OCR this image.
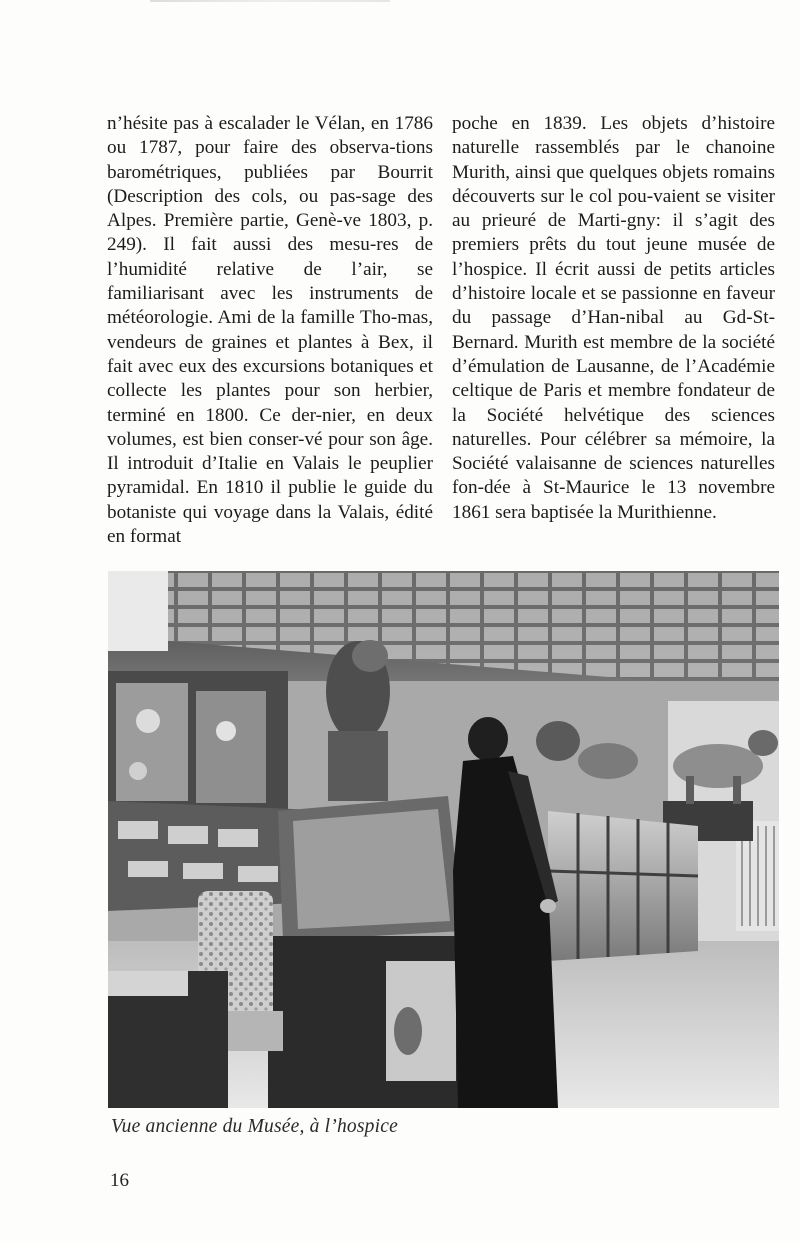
n’hésite pas à escalader le Vélan, en 1786 ou 1787, pour faire des observa-tions barométriques, publiées par Bourrit (Description des cols, ou pas-sage des Alpes. Première partie, Genè-ve 1803, p. 249). Il fait aussi des mesu-res de l’humidité relative de l’air, se familiarisant avec les instruments de météorologie. Ami de la famille Tho-mas, vendeurs de graines et plantes à Bex, il fait avec eux des excursions botaniques et collecte les plantes pour son herbier, terminé en 1800. Ce der-nier, en deux volumes, est bien conser-vé pour son âge. Il introduit d’Italie en Valais le peuplier pyramidal. En 1810 il publie le guide du botaniste qui voyage dans la Valais, édité en format

poche en 1839. Les objets d’histoire naturelle rassemblés par le chanoine Murith, ainsi que quelques objets romains découverts sur le col pou-vaient se visiter au prieuré de Marti-gny: il s’agit des premiers prêts du tout jeune musée de l’hospice. Il écrit aussi de petits articles d’histoire locale et se passionne en faveur du passage d’Han-nibal au Gd-St-Bernard. Murith est membre de la société d’émulation de Lausanne, de l’Académie celtique de Paris et membre fondateur de la Société helvétique des sciences naturelles. Pour célébrer sa mémoire, la Société valaisanne de sciences naturelles fon-dée à St-Maurice le 13 novembre 1861 sera baptisée la Murithienne.

Vue ancienne du Musée, à l’hospice
16
